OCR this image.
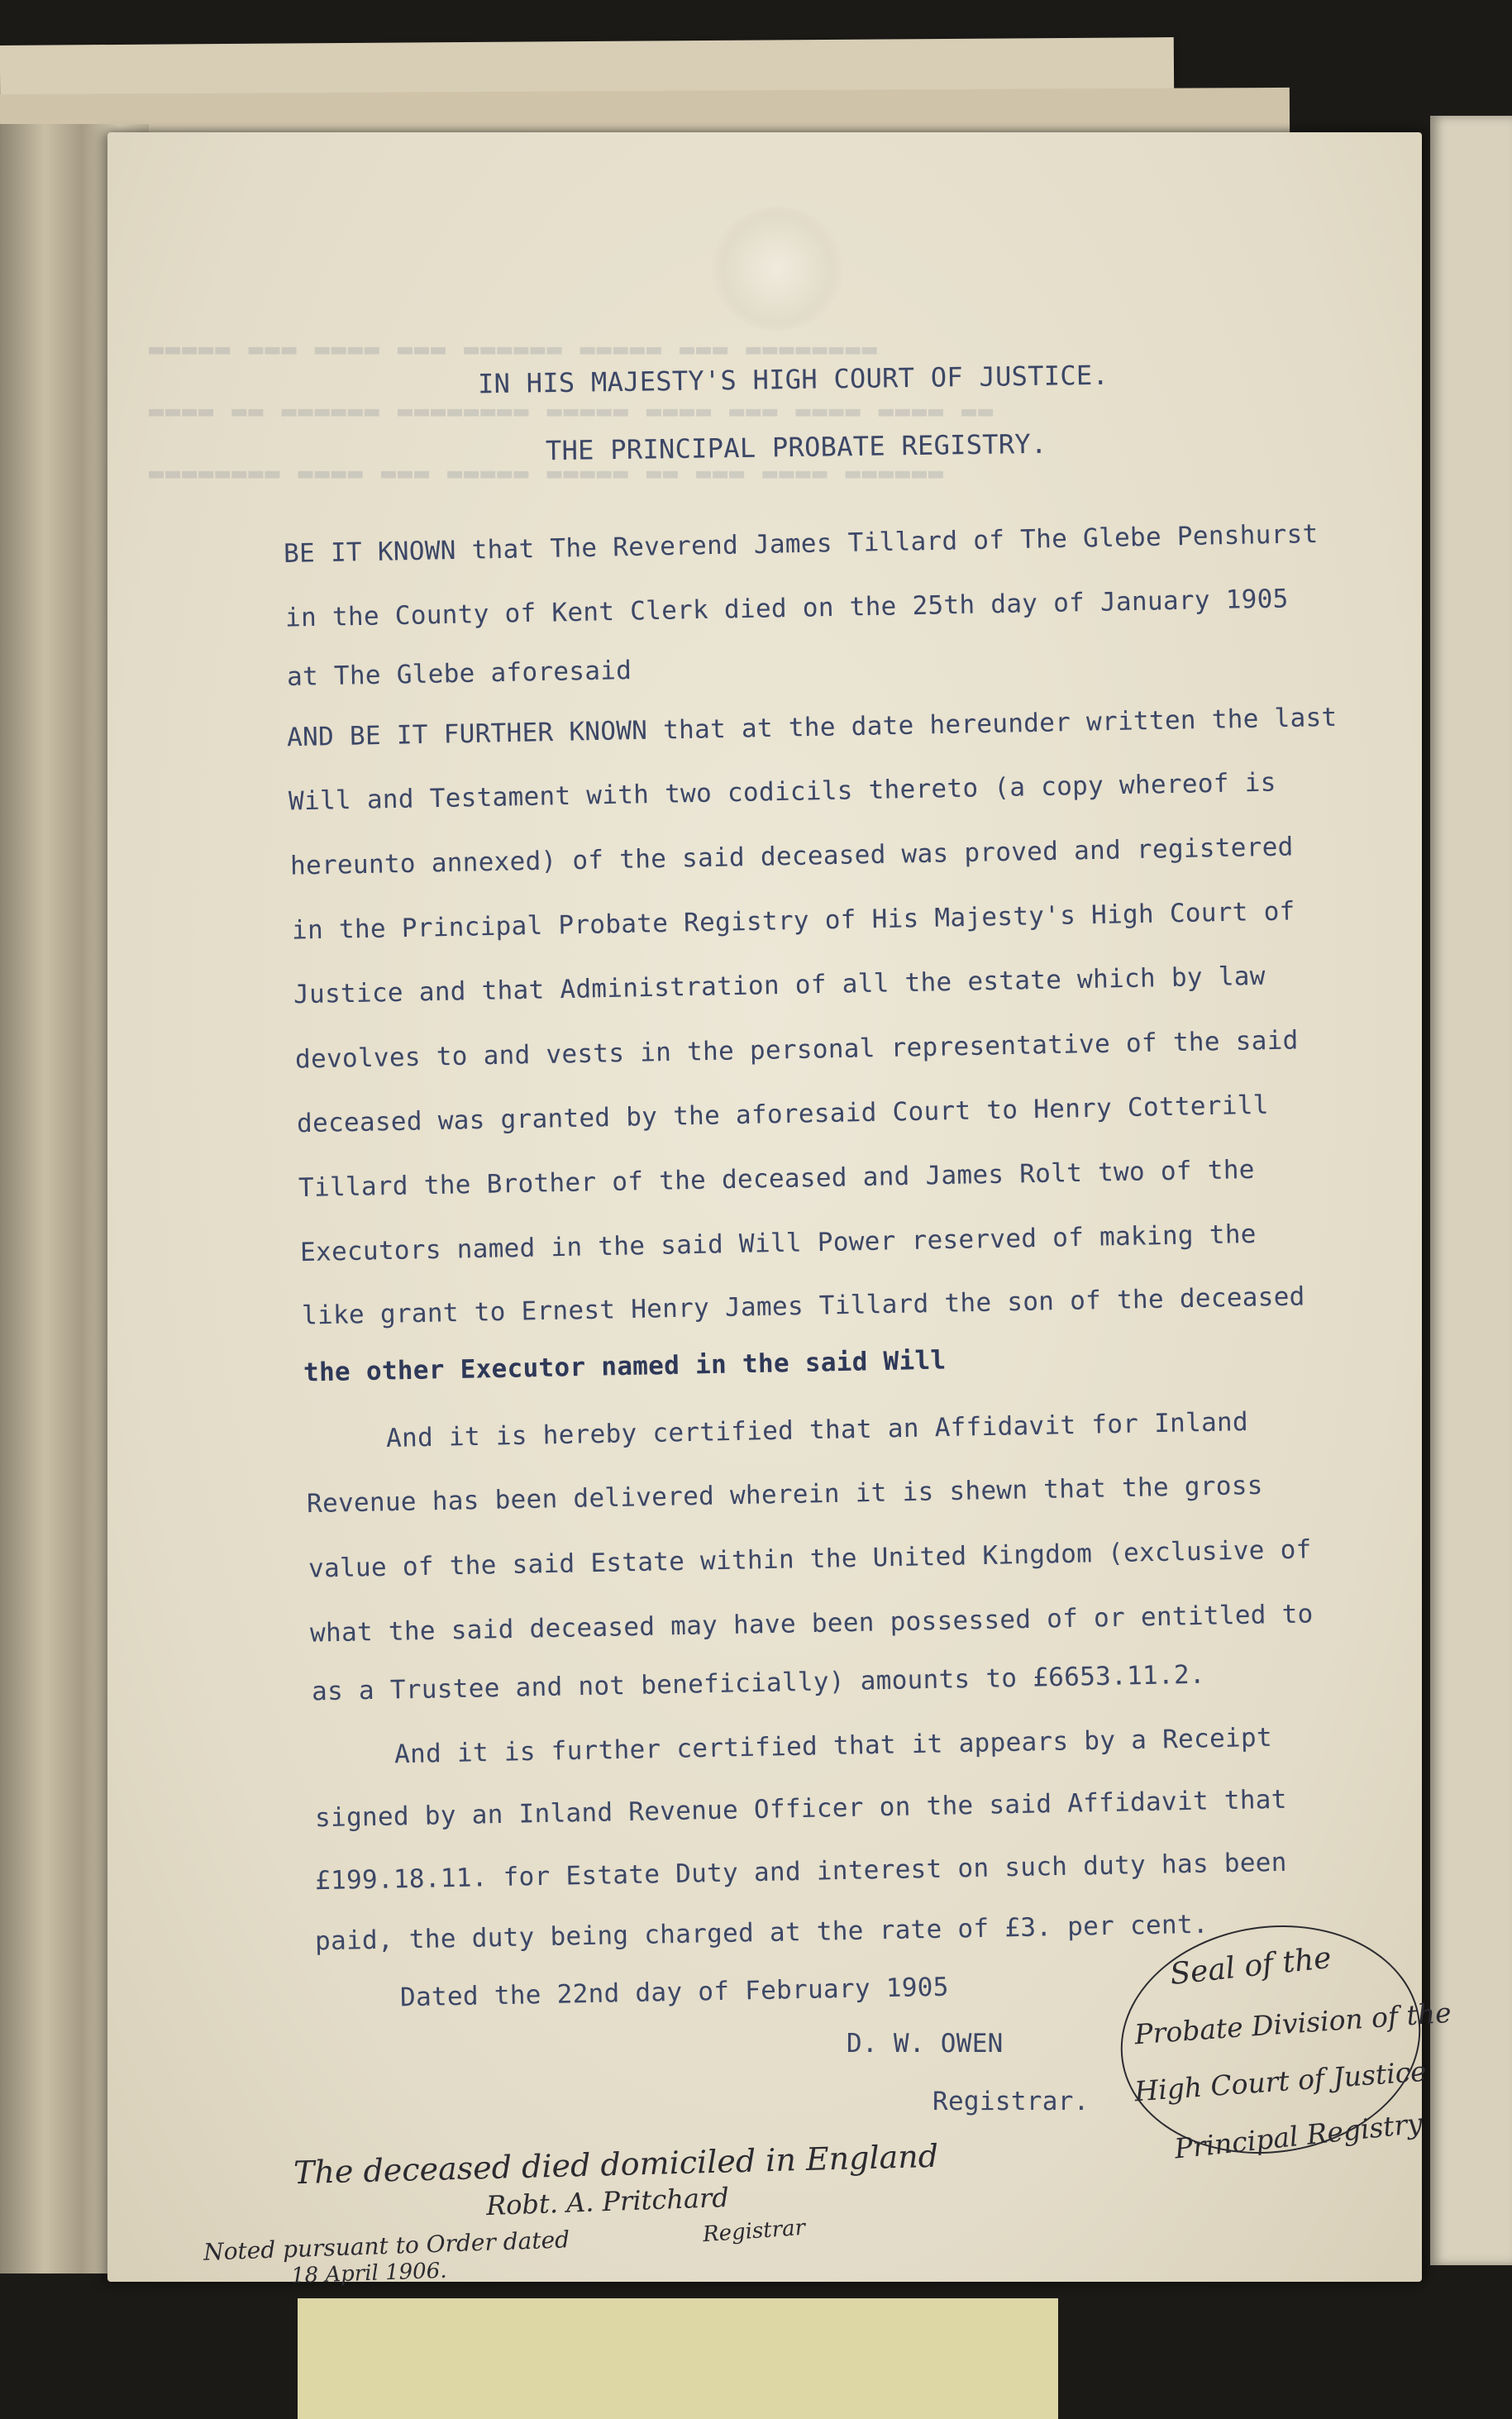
▬▬▬▬▬ ▬▬▬ ▬▬▬▬ ▬▬▬ ▬▬▬▬▬▬ ▬▬▬▬▬ ▬▬▬ ▬▬▬▬▬▬▬▬
▬▬▬▬ ▬▬ ▬▬▬▬▬▬ ▬▬▬▬▬▬▬▬ ▬▬▬▬▬ ▬▬▬▬ ▬▬▬ ▬▬▬▬ ▬▬▬▬ ▬▬
▬▬▬▬▬▬▬▬ ▬▬▬▬ ▬▬▬ ▬▬▬▬▬ ▬▬▬▬▬ ▬▬ ▬▬▬ ▬▬▬▬ ▬▬▬▬▬▬
IN HIS MAJESTY'S HIGH COURT OF JUSTICE.
THE PRINCIPAL PROBATE REGISTRY.
BE IT KNOWN that The Reverend James Tillard of The Glebe Penshurst
in the County of Kent Clerk died on the 25th day of January 1905
at The Glebe aforesaid
AND BE IT FURTHER KNOWN that at the date hereunder written the last
Will and Testament with two codicils thereto (a copy whereof is
hereunto annexed) of the said deceased was proved and registered
in the Principal Probate Registry of His Majesty's High Court of
Justice and that Administration of all the estate which by law
devolves to and vests in the personal representative of the said
deceased was granted by the aforesaid Court to Henry Cotterill
Tillard the Brother of the deceased and James Rolt two of the
Executors named in the said Will Power reserved of making the
like grant to Ernest Henry James Tillard the son of the deceased
the other Executor named in the said Will
And it is hereby certified that an Affidavit for Inland
Revenue has been delivered wherein it is shewn that the gross
value of the said Estate within the United Kingdom (exclusive of
what the said deceased may have been possessed of or entitled to
as a Trustee and not beneficially) amounts to £6653.11.2.
And it is further certified that it appears by a Receipt
signed by an Inland Revenue Officer on the said Affidavit that
£199.18.11. for Estate Duty and interest on such duty has been
paid, the duty being charged at the rate of £3. per cent.
Dated the 22nd day of February 1905
D. W. OWEN
Registrar.
Seal of the
Probate Division of the
High Court of Justice
Principal Registry
The deceased died domiciled in England
Robt. A. Pritchard
Registrar
Noted pursuant to Order dated
18 April 1906.
